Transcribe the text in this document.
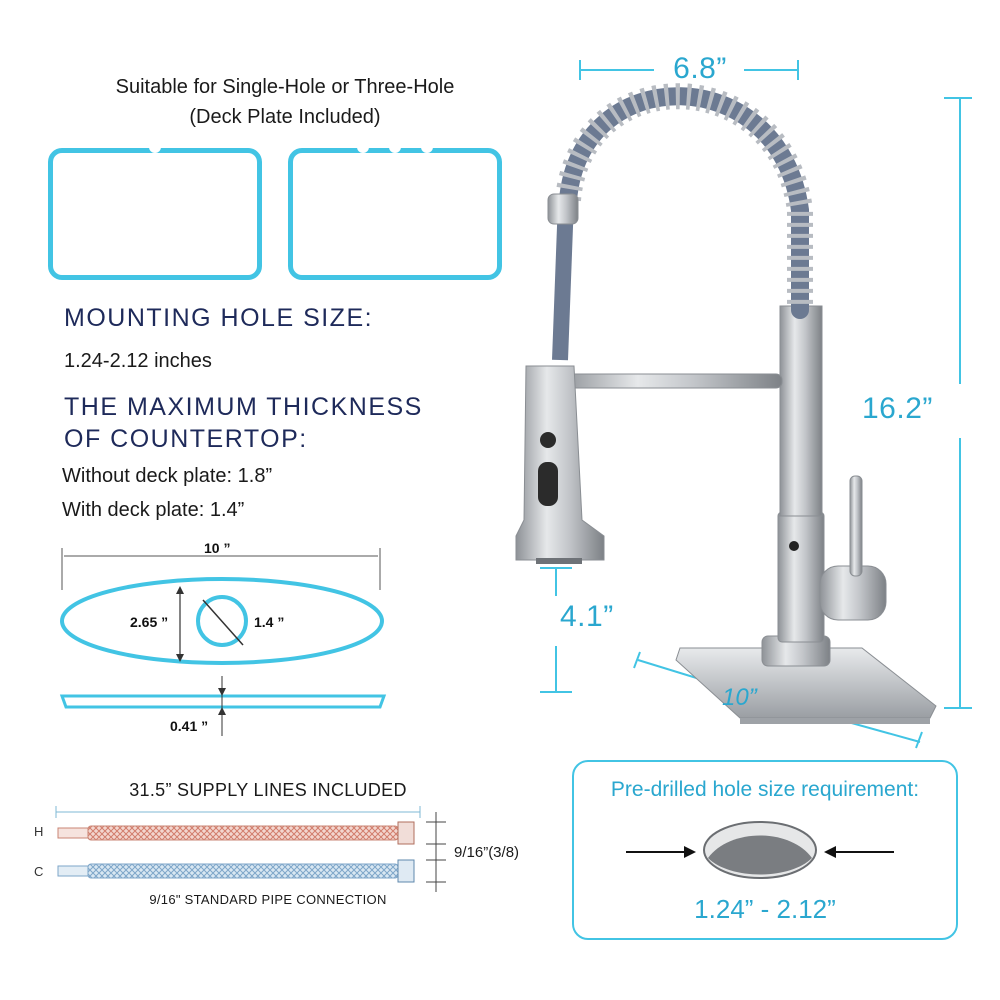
Suitable for Single-Hole or Three-Hole
(Deck Plate Included)
MOUNTING HOLE SIZE:
1.24-2.12 inches
THE MAXIMUM THICKNESS
OF COUNTERTOP:
Without deck plate: 1.8”
With deck plate: 1.4”
10 ”
2.65 ”	1.4 ”
0.41 ”
31.5” SUPPLY LINES INCLUDED
H
C
9/16”(3/8)
9/16" STANDARD PIPE CONNECTION
6.8”
16.2”
4.1”
10”
Pre-drilled hole size requirement:
1.24” - 2.12”
